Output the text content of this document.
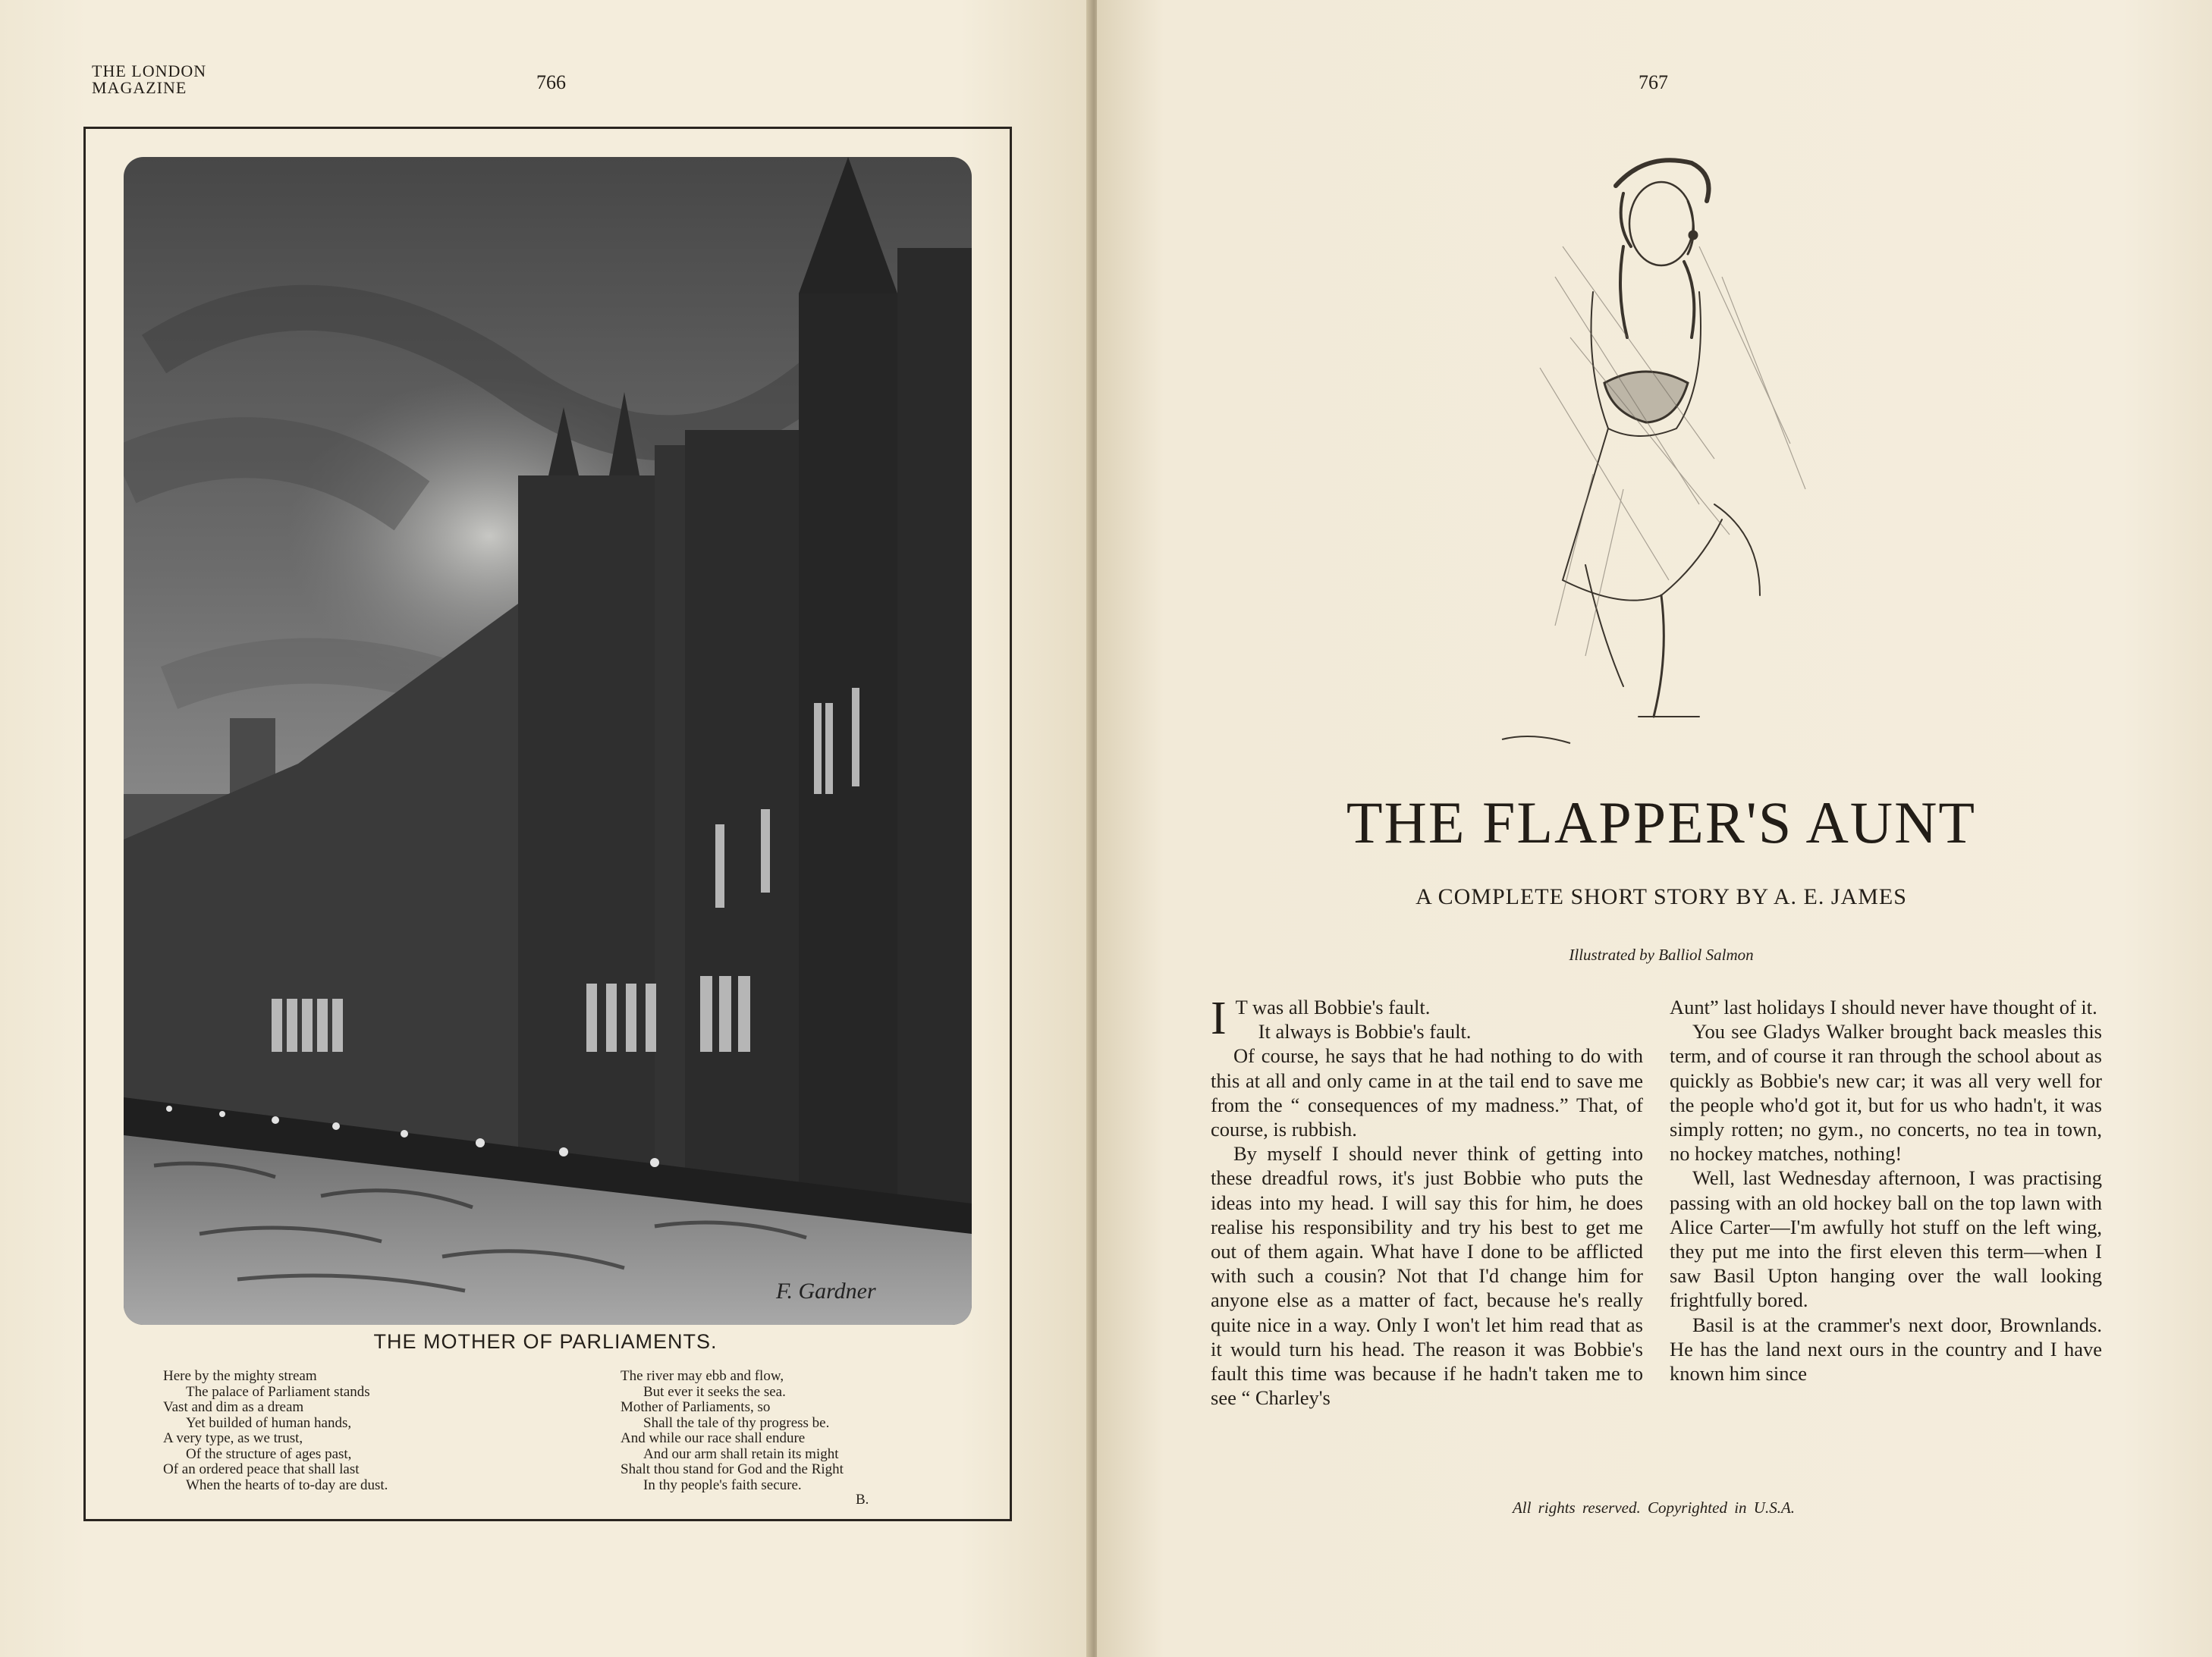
THE LONDON
MAGAZINE	766
F. Gardner
THE MOTHER OF PARLIAMENTS.
Here by the mighty stream
The palace of Parliament stands
Vast and dim as a dream
Yet builded of human hands,
A very type, as we trust,
Of the structure of ages past,
Of an ordered peace that shall last
When the hearts of to-day are dust.
The river may ebb and flow,
But ever it seeks the sea.
Mother of Parliaments, so
Shall the tale of thy progress be.
And while our race shall endure
And our arm shall retain its might
Shalt thou stand for God and the Right
In thy people's faith secure.
B.
767
THE FLAPPER'S AUNT
A COMPLETE SHORT STORY BY A. E. JAMES
Illustrated by Balliol Salmon
I T was all Bobbie's fault.

It always is Bobbie's fault.

Of course, he says that he had nothing to do with this at all and only came in at the tail end to save me from the “ consequences of my madness.” That, of course, is rubbish.

By myself I should never think of getting into these dreadful rows, it's just Bobbie who puts the ideas into my head. I will say this for him, he does realise his responsibility and try his best to get me out of them again. What have I done to be afflicted with such a cousin? Not that I'd change him for anyone else as a matter of fact, because he's really quite nice in a way. Only I won't let him read that as it would turn his head. The reason it was Bobbie's fault this time was because if he hadn't taken me to see “ Charley's

Aunt” last holidays I should never have thought of it.

You see Gladys Walker brought back measles this term, and of course it ran through the school about as quickly as Bobbie's new car; it was all very well for the people who'd got it, but for us who hadn't, it was simply rotten; no gym., no concerts, no tea in town, no hockey matches, nothing!

Well, last Wednesday afternoon, I was practising passing with an old hockey ball on the top lawn with Alice Carter—I'm awfully hot stuff on the left wing, they put me into the first eleven this term—when I saw Basil Upton hanging over the wall looking frightfully bored.

Basil is at the crammer's next door, Brownlands. He has the land next ours in the country and I have known him since

All rights reserved. Copyrighted in U.S.A.
